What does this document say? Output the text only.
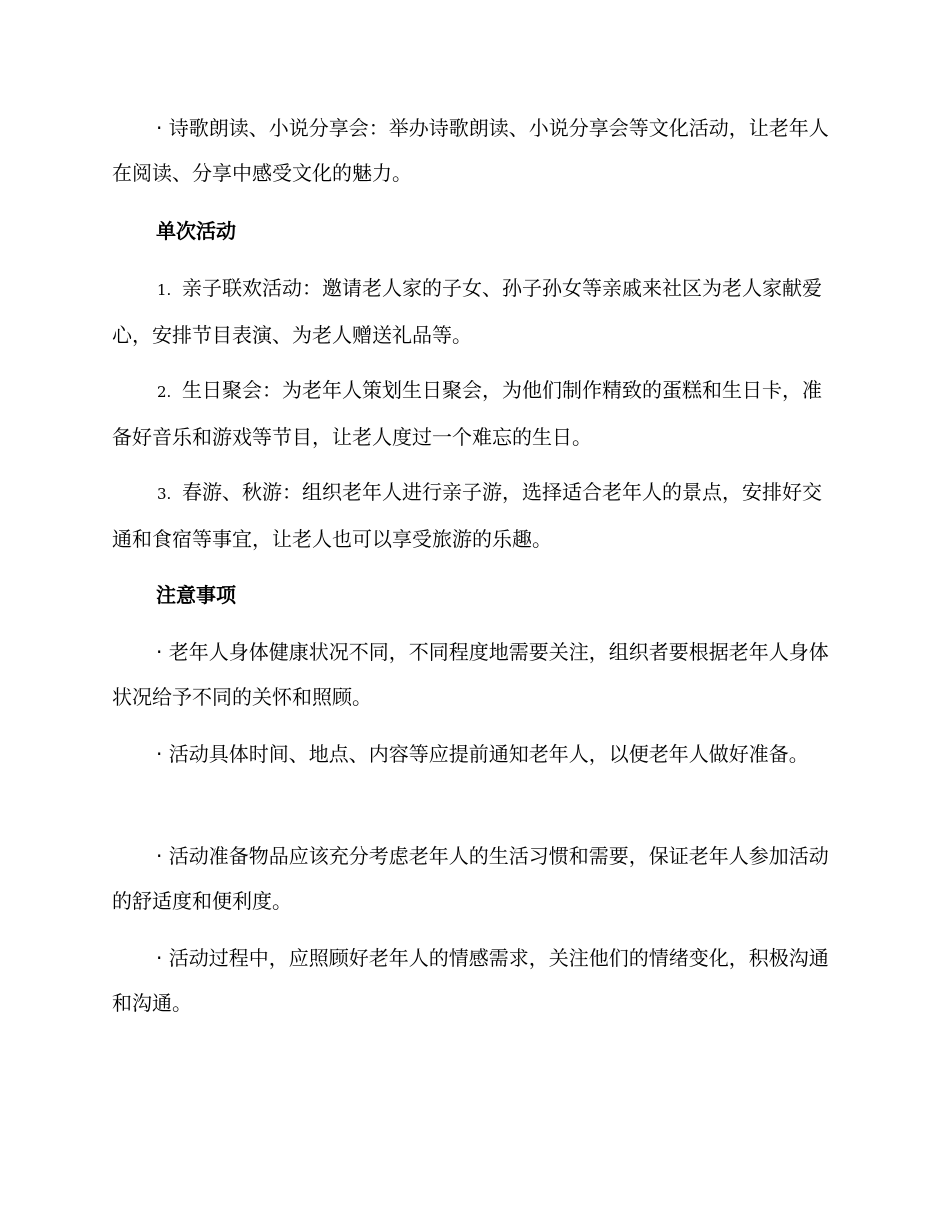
· 诗歌朗读、小说分享会：举办诗歌朗读、小说分享会等文化活动，让老年人在阅读、分享中感受文化的魅力。

单次活动

1. 亲子联欢活动：邀请老人家的子女、孙子孙女等亲戚来社区为老人家献爱心，安排节目表演、为老人赠送礼品等。

2. 生日聚会：为老年人策划生日聚会，为他们制作精致的蛋糕和生日卡，准备好音乐和游戏等节目，让老人度过一个难忘的生日。

3. 春游、秋游：组织老年人进行亲子游，选择适合老年人的景点，安排好交通和食宿等事宜，让老人也可以享受旅游的乐趣。

注意事项

· 老年人身体健康状况不同，不同程度地需要关注，组织者要根据老年人身体状况给予不同的关怀和照顾。

· 活动具体时间、地点、内容等应提前通知老年人，以便老年人做好准备。

· 活动准备物品应该充分考虑老年人的生活习惯和需要，保证老年人参加活动的舒适度和便利度。

· 活动过程中，应照顾好老年人的情感需求，关注他们的情绪变化，积极沟通和沟通。
